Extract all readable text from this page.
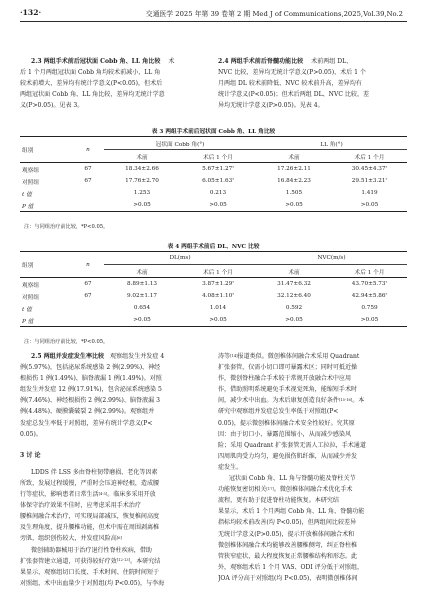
·132·	交通医学 2025 年第 39 卷第 2 期 Med J of Communications,2025,Vol.39,No.2
2.3 两组手术前后冠状面 Cobb 角、LL 角比较 术
后 1 个月两组冠状面 Cobb 角均较术前减小，LL 角
较术前增大，差异均有统计学意义(P<0.05)，但术后
两组冠状面 Cobb 角、LL 角比较，差异均无统计学意
义(P>0.05)。见表 3。
2.4 两组手术前后脊髓功能比较 术前两组 DL、
NVC 比较，差异均无统计学意义(P>0.05)，术后 1 个
月两组 DL 较术前降低、NVC 较术前升高，差异均有
统计学意义(P<0.05)；但术后两组 DL、NVC 比较，差
异均无统计学意义(P>0.05)。见表 4。
表 3 两组手术前后冠状面 Cobb 角、LL 角比较
组别	n	冠状面 Cobb 角(°)		LL 角(°)	
		术前	术后 1 个月	术前	术后 1 个月
观察组	67	18.34±2.66	5.67±1.27*	17.26±2.11	30.45±4.37*
对照组	67	17.76±2.70	6.05±1.63*	16.84±2.23	29.51±3.21*
t 值		1.253	0.213	1.505	1.419
P 值		>0.05	>0.05	>0.05	>0.05
注：与同组治疗前比较，*P<0.05。
表 4 两组手术前后 DL、NVC 比较
组别	n	DL(ms)		NVC(m/s)	
		术前	术后 1 个月	术前	术后 1 个月
观察组	67	8.89±1.13	3.87±1.29*	31.47±6.32	43.70±5.73*
对照组	67	9.02±1.17	4.08±1.10*	32.12±6.40	42.94±5.86*
t 值		0.654	1.014	0.592	0.759
P 值		>0.05	>0.05	>0.05	>0.05
注：与同组治疗前比较，*P<0.05。
2.5 两组并发症发生率比较 观察组发生并发症 4
例(5.97%)，包括泌尿系统感染 2 例(2.99%)、神经
根损伤 1 例(1.49%)、脑脊液漏 1 例(1.49%)。对照
组发生并发症 12 例(17.91%)，包含泌尿系统感染 5
例(7.46%)、神经根损伤 2 例(2.99%)、脑脊液漏 3
例(4.48%)、硬膜囊破裂 2 例(2.99%)。观察组并
发症总发生率低于对照组，差异有统计学意义(P<
0.05)。
3 讨 论
LDDS 伴 LSS 多由脊柱韧带磨损、老化等因素
所致，发展过程缓慢，严重时会压迫神经根，造成腰
行等症状，影响患者日常生活[4-5]。临床多采用开放
体保守治疗效果不佳时，应考虑采用手术治疗
腰椎间融合术治疗，可实现局部减压，恢复椎间高度
及生理角度，提升腰椎功能，但术中需在周围剥离椎
旁肌，组织创伤较大，并发症风险高[6]
微创辅助器械用于治疗退行性脊柱疾病，借助
扩张套管建立通道，可获得较好疗效[12-13]。本研究结
果显示，观察组切口长度、手术时间、住院时间短于
对照组，术中出血量少于对照组(均 P<0.05)，与李海
涛等[14]报道类似。微创椎体间融合术采用 Quadrant
扩张套管，仅需小切口即可暴露术区；同时可抵近操
作，微创脊柱融合手术较于常规开放融合术中应用
作，借助照明系统避免手术视觉死角，能缩短手术时
间，减少术中出血。为术后康复创造良好条件[15-16]。本
研究中观察组并发症总发生率低于对照组(P<
0.05)，提示微创椎体间融合术安全性较好。究其原
因：由于切口小、暴露范围缩小，从而减少感染风
险；采用 Quadrant 扩张套管无需人工拉拉，手术通道
四周肌肉受力均匀，避免损伤肌纤维，从而减少并发
症发生。
冠状面 Cobb 角、LL 角与脊髓功能及脊柱关节
功能恢复密切相关[17]。微创椎体间融合术优化手术
流程，更有助于促进脊柱功能恢复。本研究结
果显示，术后 1 个月两组 Cobb 角、LL 角、脊髓功能
指标均较术前改善(均 P<0.05)，但两组间比较差异
无统计学意义(P>0.05)，提示开放椎体间融合术和
微创椎体间融合术均能够改善腰椎侧弯，纠正脊柱椎
管狭窄症状，最大程度恢复正常腰椎结构和形态。此
外，观察组术后 1 个月 VAS、ODI 评分低于对照组，
JOA 评分高于对照组(均 P<0.05)，表明微创椎体间
